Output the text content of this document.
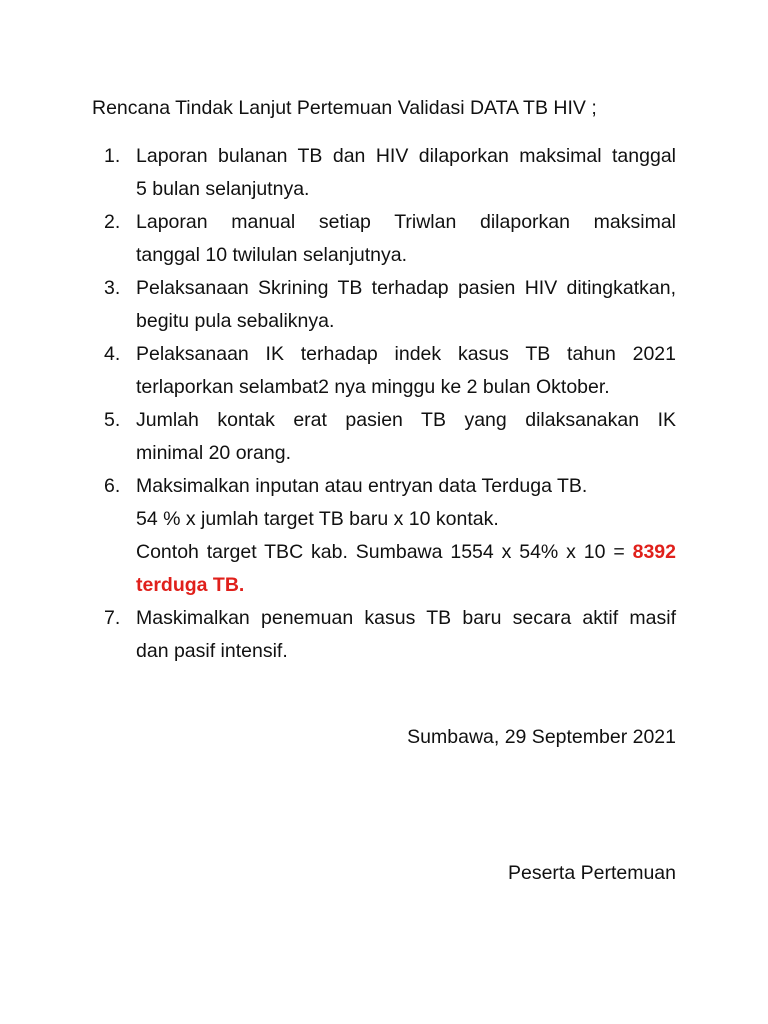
Rencana Tindak Lanjut Pertemuan Validasi DATA TB HIV ;
1. Laporan bulanan TB dan HIV dilaporkan maksimal tanggal
5 bulan selanjutnya.
2. Laporan manual setiap Triwlan dilaporkan maksimal
tanggal 10 twilulan selanjutnya.
3. Pelaksanaan Skrining TB terhadap pasien HIV ditingkatkan,
begitu pula sebaliknya.
4. Pelaksanaan IK terhadap indek kasus TB tahun 2021
terlaporkan selambat2 nya minggu ke 2 bulan Oktober.
5. Jumlah kontak erat pasien TB yang dilaksanakan IK
minimal 20 orang.
6. Maksimalkan inputan atau entryan data Terduga TB.
54 % x jumlah target TB baru x 10 kontak.
Contoh target TBC kab. Sumbawa 1554 x 54% x 10 = 8392
terduga TB.
7. Maskimalkan penemuan kasus TB baru secara aktif masif
dan pasif intensif.
Sumbawa, 29 September 2021
Peserta Pertemuan
